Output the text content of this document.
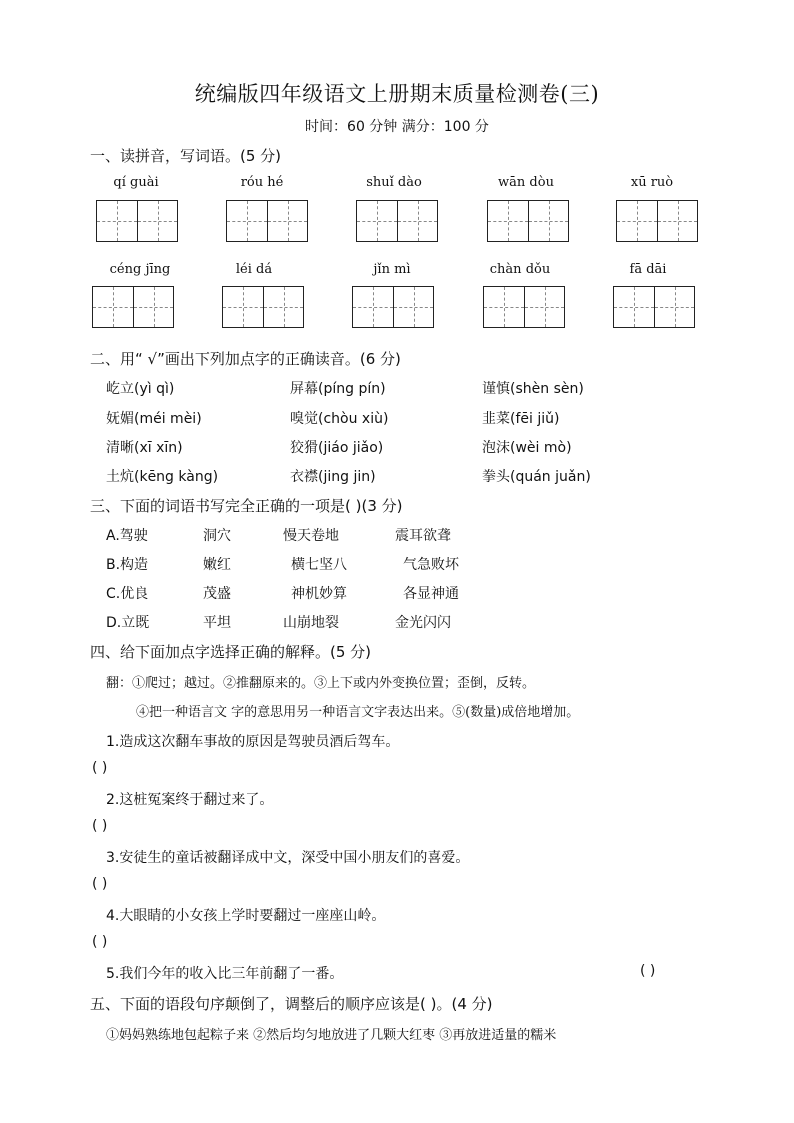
统编版四年级语文上册期末质量检测卷(三)
时间：60 分钟 满分：100 分
一、读拼音，写词语。(5 分)
qí guài	róu hé	shuǐ dào	wān dòu	xū ruò
céng jīng	léi dá	jǐn mì	chàn dǒu	fā dāi
二、用“ √”画出下列加点字的正确读音。(6 分)
屹立(yì qì)	屏幕(píng pín)	谨慎(shèn sèn)
妩媚(méi mèi)	嗅觉(chòu xiù)	韭菜(fēi jiǔ)
清晰(xī xīn)	狡猾(jiáo jiǎo)	泡沫(wèi mò)
土炕(kēng kàng)	衣襟(jing jin)	拳头(quán juǎn)
三、下面的词语书写完全正确的一项是( )(3 分)
A.驾驶	洞穴	慢天卷地	震耳欲聋
B.构造	嫩红	横七坚八	气急败坏
C.优良	茂盛	神机妙算	各显神通
D.立既	平坦	山崩地裂	金光闪闪
四、给下面加点字选择正确的解释。(5 分)
翻：①爬过；越过。②推翻原来的。③上下或内外变换位置；歪倒，反转。
④把一种语言文 字的意思用另一种语言文字表达出来。⑤(数量)成倍地增加。
1.造成这次翻车事故的原因是驾驶员酒后驾车。
( )
2.这桩冤案终于翻过来了。
( )
3.安徒生的童话被翻译成中文，深受中国小朋友们的喜爱。
( )
4.大眼睛的小女孩上学时要翻过一座座山岭。
( )
5.我们今年的收入比三年前翻了一番。	( )
五、下面的语段句序颠倒了，调整后的顺序应该是( )。(4 分)
①妈妈熟练地包起粽子来 ②然后均匀地放进了几颗大红枣 ③再放进适量的糯米
